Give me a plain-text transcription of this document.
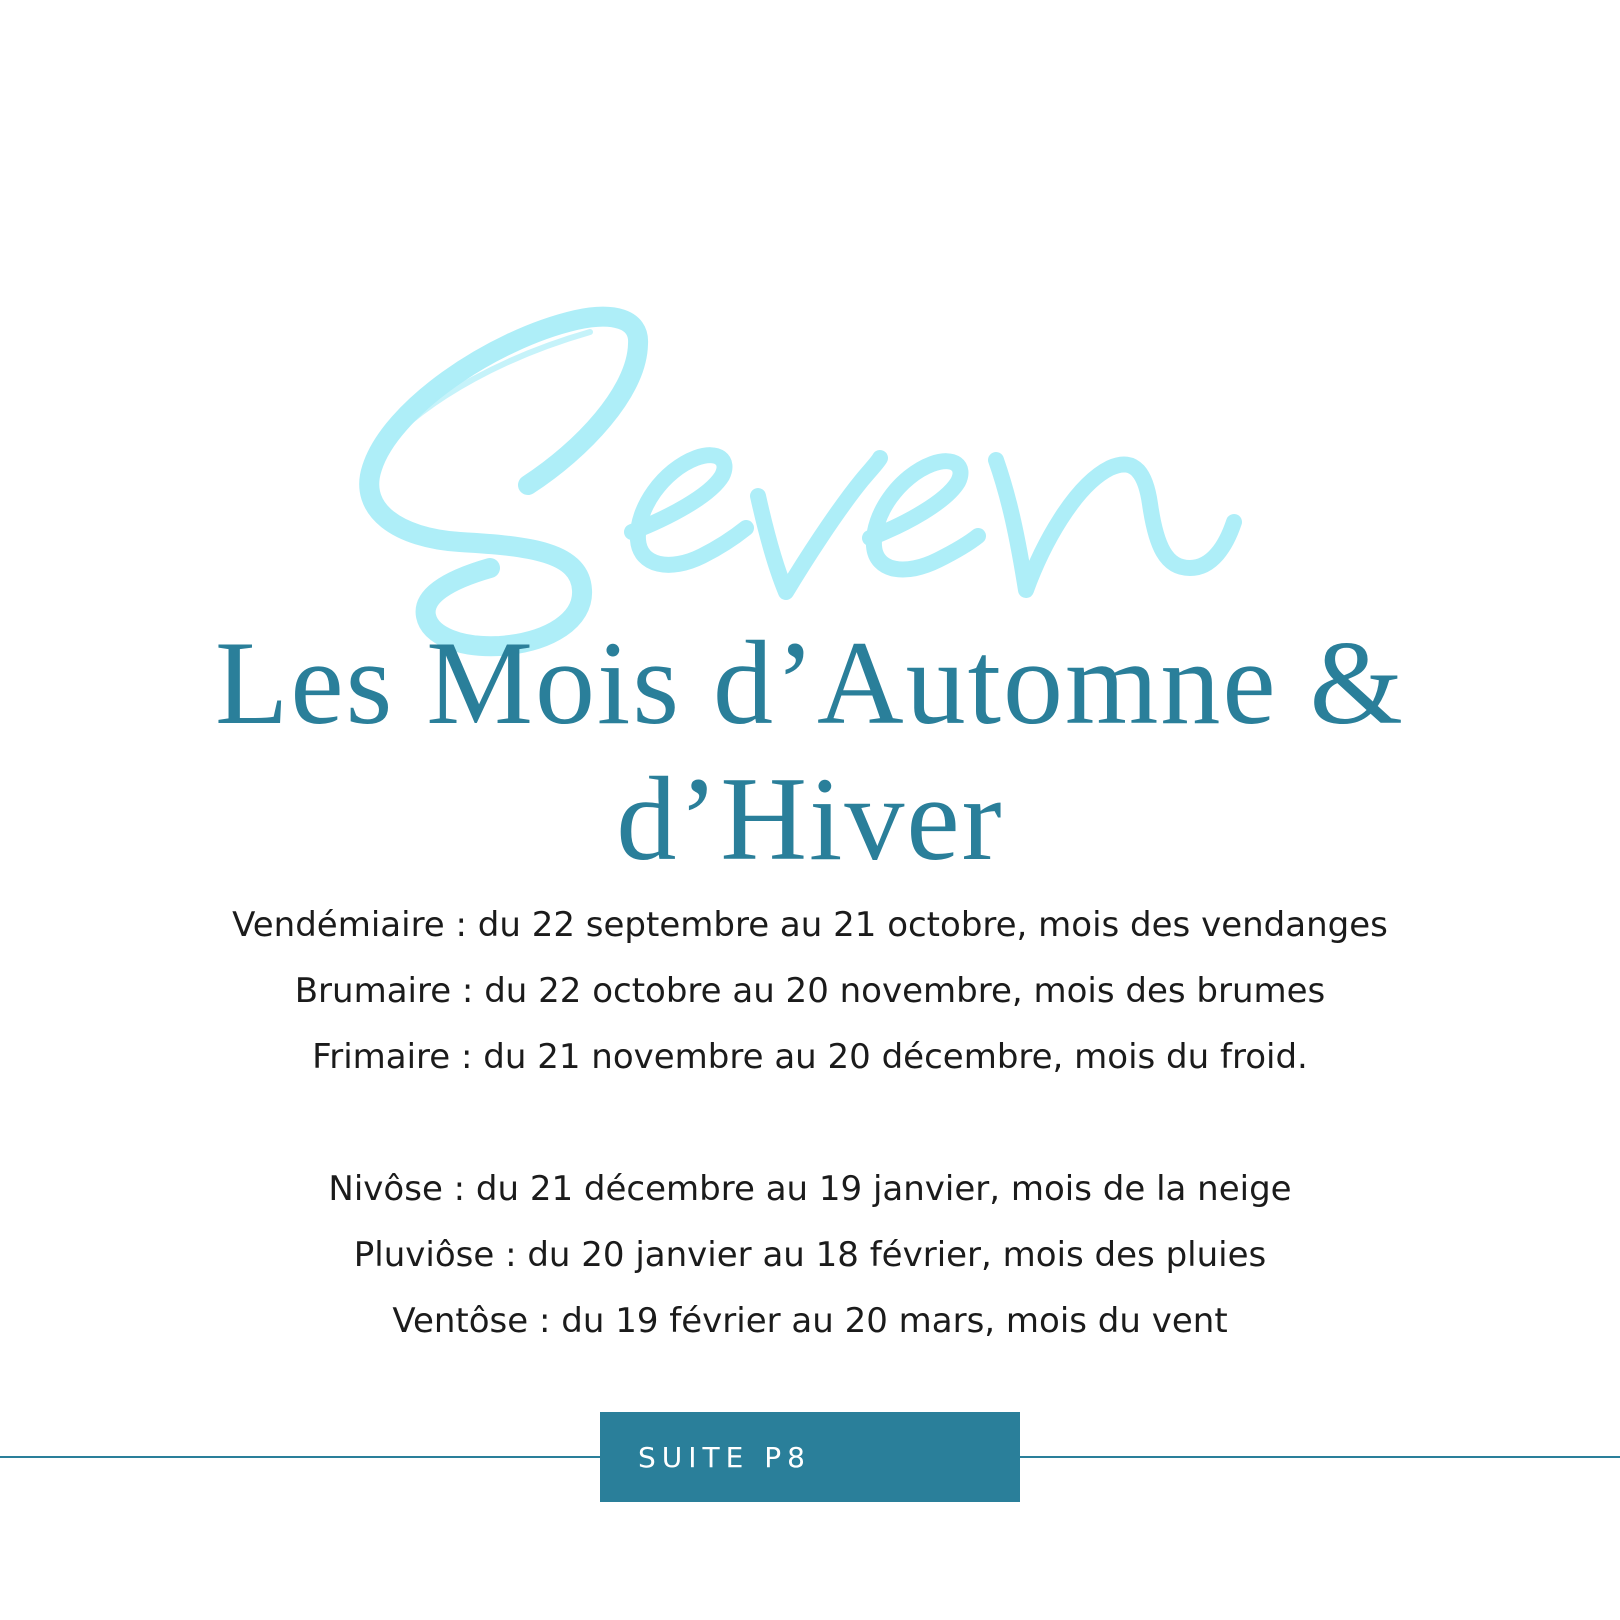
Les Mois d’Automne &
d’Hiver
Vendémiaire : du 22 septembre au 21 octobre, mois des vendanges
Brumaire : du 22 octobre au 20 novembre, mois des brumes
Frimaire : du 21 novembre au 20 décembre, mois du froid.
Nivôse : du 21 décembre au 19 janvier, mois de la neige
Pluviôse : du 20 janvier au 18 février, mois des pluies
Ventôse : du 19 février au 20 mars, mois du vent
SUITE P8
